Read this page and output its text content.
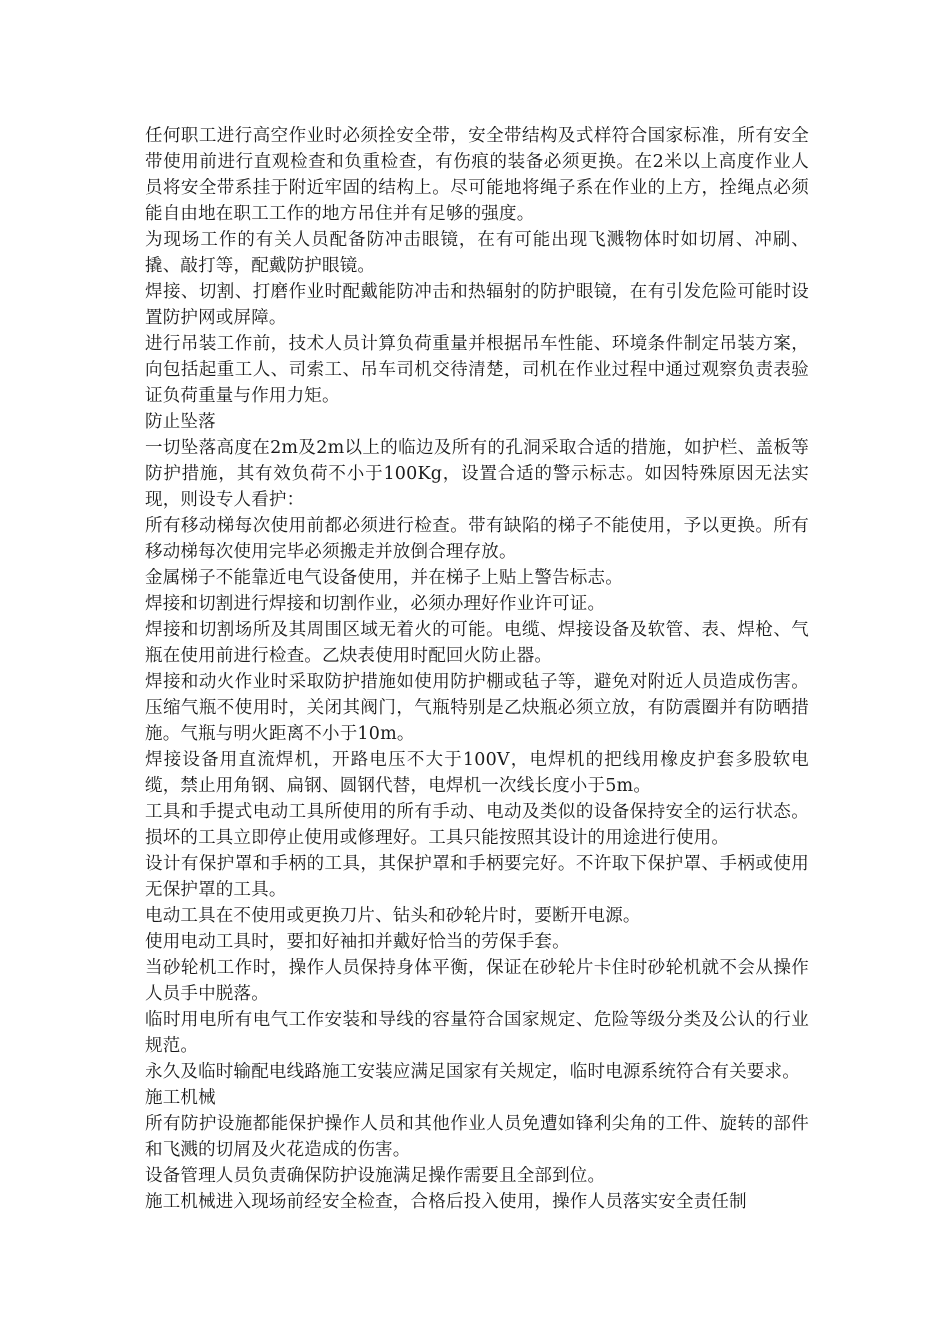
任何职工进行高空作业时必须拴安全带，安全带结构及式样符合国家标准，所有安全带使用前进行直观检查和负重检查，有伤痕的装备必须更换。在2米以上高度作业人员将安全带系挂于附近牢固的结构上。尽可能地将绳子系在作业的上方，拴绳点必须能自由地在职工工作的地方吊住并有足够的强度。

为现场工作的有关人员配备防冲击眼镜，在有可能出现飞溅物体时如切屑、冲刷、撬、敲打等，配戴防护眼镜。

焊接、切割、打磨作业时配戴能防冲击和热辐射的防护眼镜，在有引发危险可能时设置防护网或屏障。

进行吊装工作前，技术人员计算负荷重量并根据吊车性能、环境条件制定吊装方案，向包括起重工人、司索工、吊车司机交待清楚，司机在作业过程中通过观察负责表验证负荷重量与作用力矩。

防止坠落

一切坠落高度在2m及2m以上的临边及所有的孔洞采取合适的措施，如护栏、盖板等防护措施，其有效负荷不小于100Kg，设置合适的警示标志。如因特殊原因无法实现，则设专人看护：

所有移动梯每次使用前都必须进行检查。带有缺陷的梯子不能使用，予以更换。所有移动梯每次使用完毕必须搬走并放倒合理存放。

金属梯子不能靠近电气设备使用，并在梯子上贴上警告标志。

焊接和切割进行焊接和切割作业，必须办理好作业许可证。

焊接和切割场所及其周围区域无着火的可能。电缆、焊接设备及软管、表、焊枪、气瓶在使用前进行检查。乙炔表使用时配回火防止器。

焊接和动火作业时采取防护措施如使用防护棚或毡子等，避免对附近人员造成伤害。压缩气瓶不使用时，关闭其阀门，气瓶特别是乙炔瓶必须立放，有防震圈并有防晒措施。气瓶与明火距离不小于10m。

焊接设备用直流焊机，开路电压不大于100V，电焊机的把线用橡皮护套多股软电缆，禁止用角钢、扁钢、圆钢代替，电焊机一次线长度小于5m。

工具和手提式电动工具所使用的所有手动、电动及类似的设备保持安全的运行状态。损坏的工具立即停止使用或修理好。工具只能按照其设计的用途进行使用。

设计有保护罩和手柄的工具，其保护罩和手柄要完好。不许取下保护罩、手柄或使用无保护罩的工具。

电动工具在不使用或更换刀片、钻头和砂轮片时，要断开电源。

使用电动工具时，要扣好袖扣并戴好恰当的劳保手套。

当砂轮机工作时，操作人员保持身体平衡，保证在砂轮片卡住时砂轮机就不会从操作人员手中脱落。

临时用电所有电气工作安装和导线的容量符合国家规定、危险等级分类及公认的行业规范。

永久及临时输配电线路施工安装应满足国家有关规定，临时电源系统符合有关要求。

施工机械

所有防护设施都能保护操作人员和其他作业人员免遭如锋利尖角的工件、旋转的部件和飞溅的切屑及火花造成的伤害。

设备管理人员负责确保防护设施满足操作需要且全部到位。

施工机械进入现场前经安全检查，合格后投入使用，操作人员落实安全责任制
